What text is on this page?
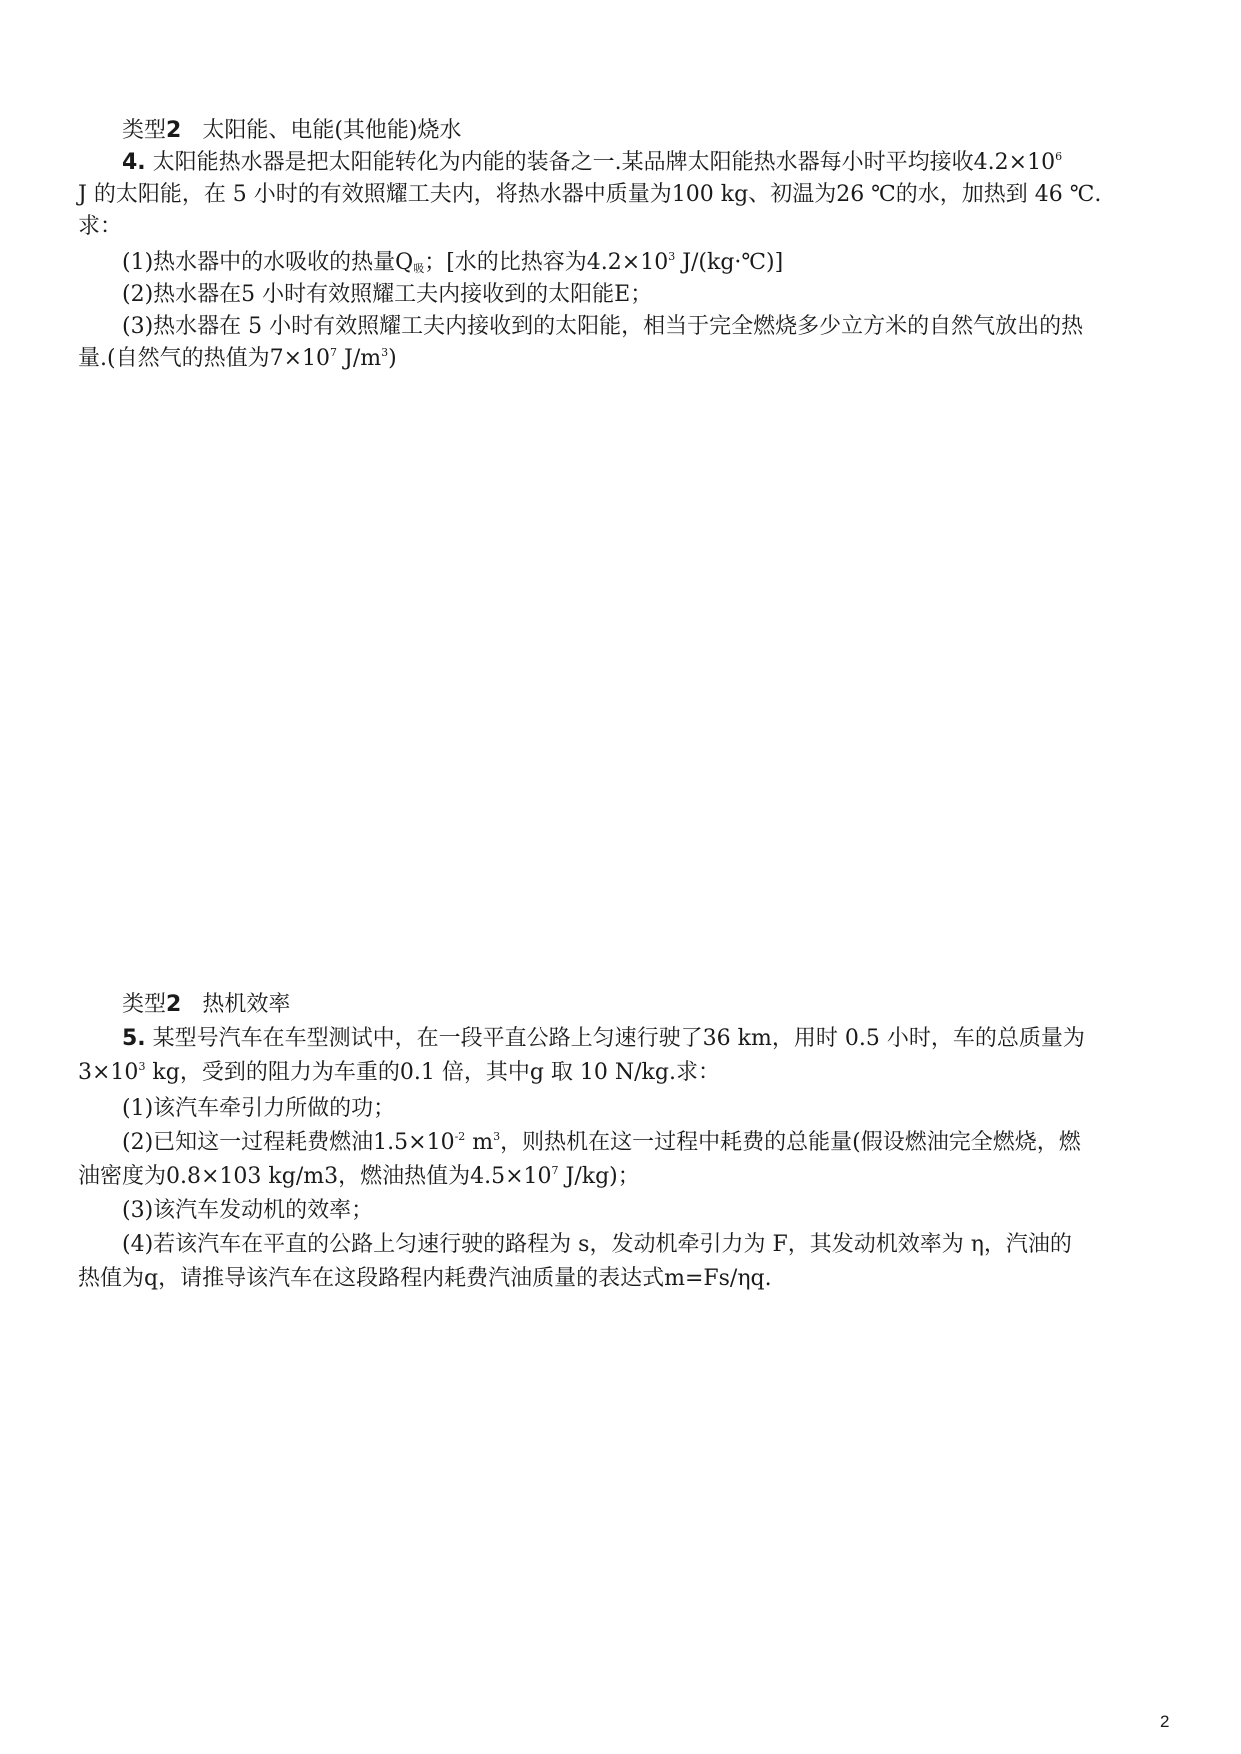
类型2 太阳能、电能(其他能)烧水
4. 太阳能热水器是把太阳能转化为内能的装备之一.某品牌太阳能热水器每小时平均接收$4.2\times 10^6$
J 的太阳能，在 5 小时的有效照耀工夫内，将热水器中质量为100 kg、初温为26 ℃的水，加热到 46 ℃.
求：
(1)热水器中的水吸收的热量$Q_吸$；[水的比热容为$4.2\times 10^3$ J/(kg·℃)]
(2)热水器在5 小时有效照耀工夫内接收到的太阳能E；
(3)热水器在 5 小时有效照耀工夫内接收到的太阳能，相当于完全燃烧多少立方米的自然气放出的热
量.(自然气的热值为$7\times 10^7$ $J/m^3$)
类型2 热机效率
5. 某型号汽车在车型测试中，在一段平直公路上匀速行驶了36 km，用时 0.5 小时，车的总质量为
$3\times 10^3$ kg，受到的阻力为车重的0.1 倍，其中g 取 10 N/kg.求：
(1)该汽车牵引力所做的功；
(2)已知这一过程耗费燃油$1.5\times 10^{-2}$ $m^3$，则热机在这一过程中耗费的总能量(假设燃油完全燃烧，燃
油密度为0.8×103 kg/m3，燃油热值为$4.5\times 10^7$ J/kg)；
(3)该汽车发动机的效率；
(4)若该汽车在平直的公路上匀速行驶的路程为 s，发动机牵引力为 F，其发动机效率为 η，汽油的
热值为q，请推导该汽车在这段路程内耗费汽油质量的表达式m=Fs/ηq.
2
